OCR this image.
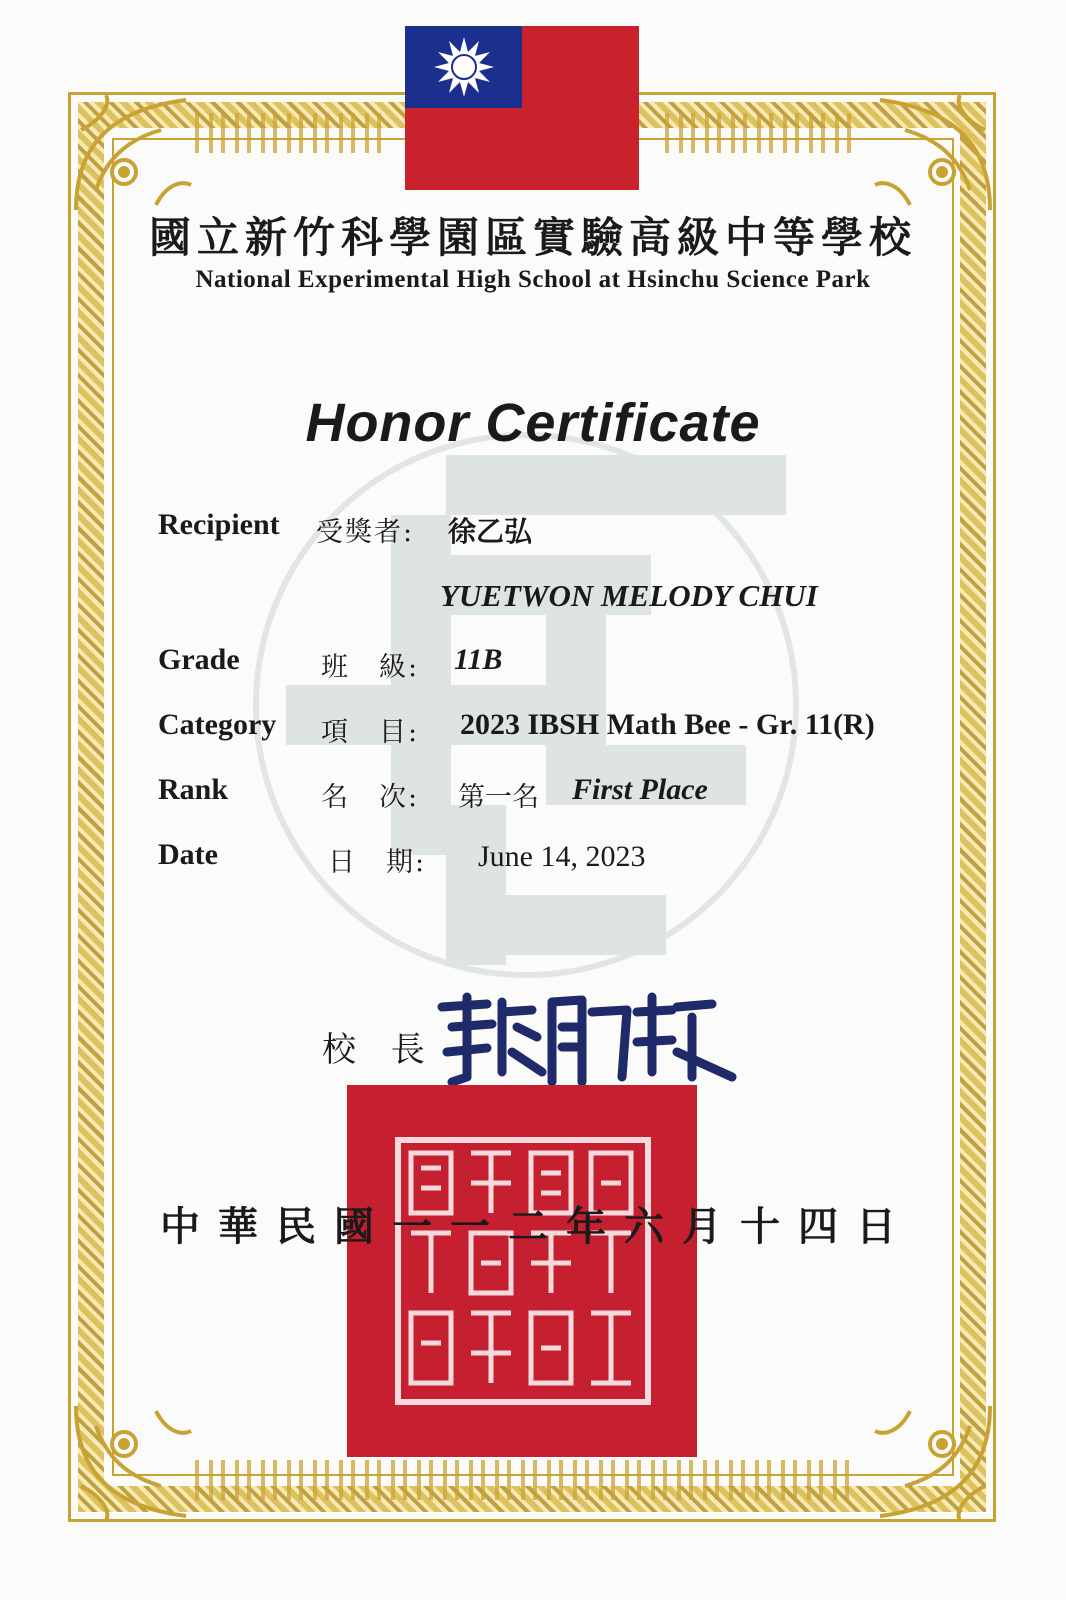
國立新竹科學園區實驗高級中等學校
National Experimental High School at Hsinchu Science Park
Honor Certificate
Recipient 受獎者: 徐乙弘
YUETWON MELODY CHUI
Grade	班　級: 11B
Category 項　目: 2023 IBSH Math Bee - Gr. 11(R)
Rank	名　次: 第一名 First Place
Date	日　期: June 14, 2023
校 長
中華民國一一二年六月十四日
